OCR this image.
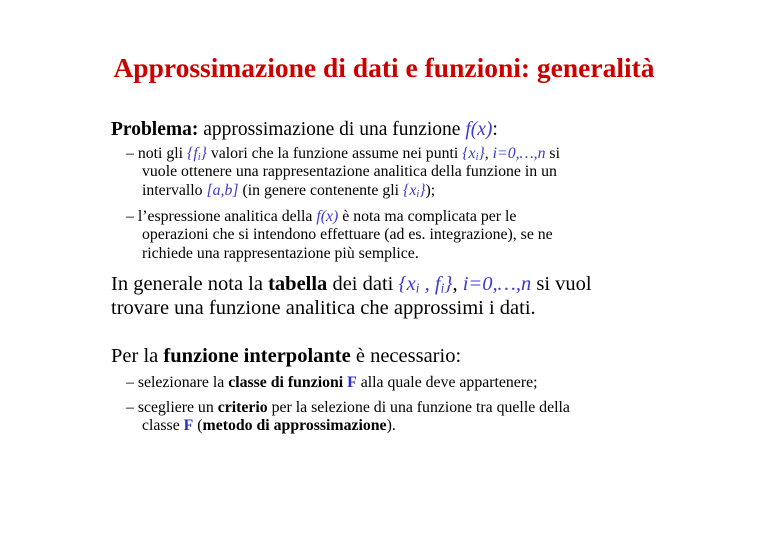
Approssimazione di dati e funzioni: generalità
Problema: approssimazione di una funzione f(x):
– noti gli $\{f_i\}$ valori che la funzione assume nei punti $\{x_i\}$, i=0,…,n si
vuole ottenere una rappresentazione analitica della funzione in un
intervallo [a,b] (in genere contenente gli $\{x_i\}$);
– l’espressione analitica della f(x) è nota ma complicata per le
operazioni che si intendono effettuare (ad es. integrazione), se ne
richiede una rappresentazione più semplice.
In generale nota la tabella dei dati {$x_i$ , $f_i$}, i=0,…,n si vuol
trovare una funzione analitica che approssimi i dati.
Per la funzione interpolante è necessario:
– selezionare la classe di funzioni F alla quale deve appartenere;
– scegliere un criterio per la selezione di una funzione tra quelle della
classe F (metodo di approssimazione).
